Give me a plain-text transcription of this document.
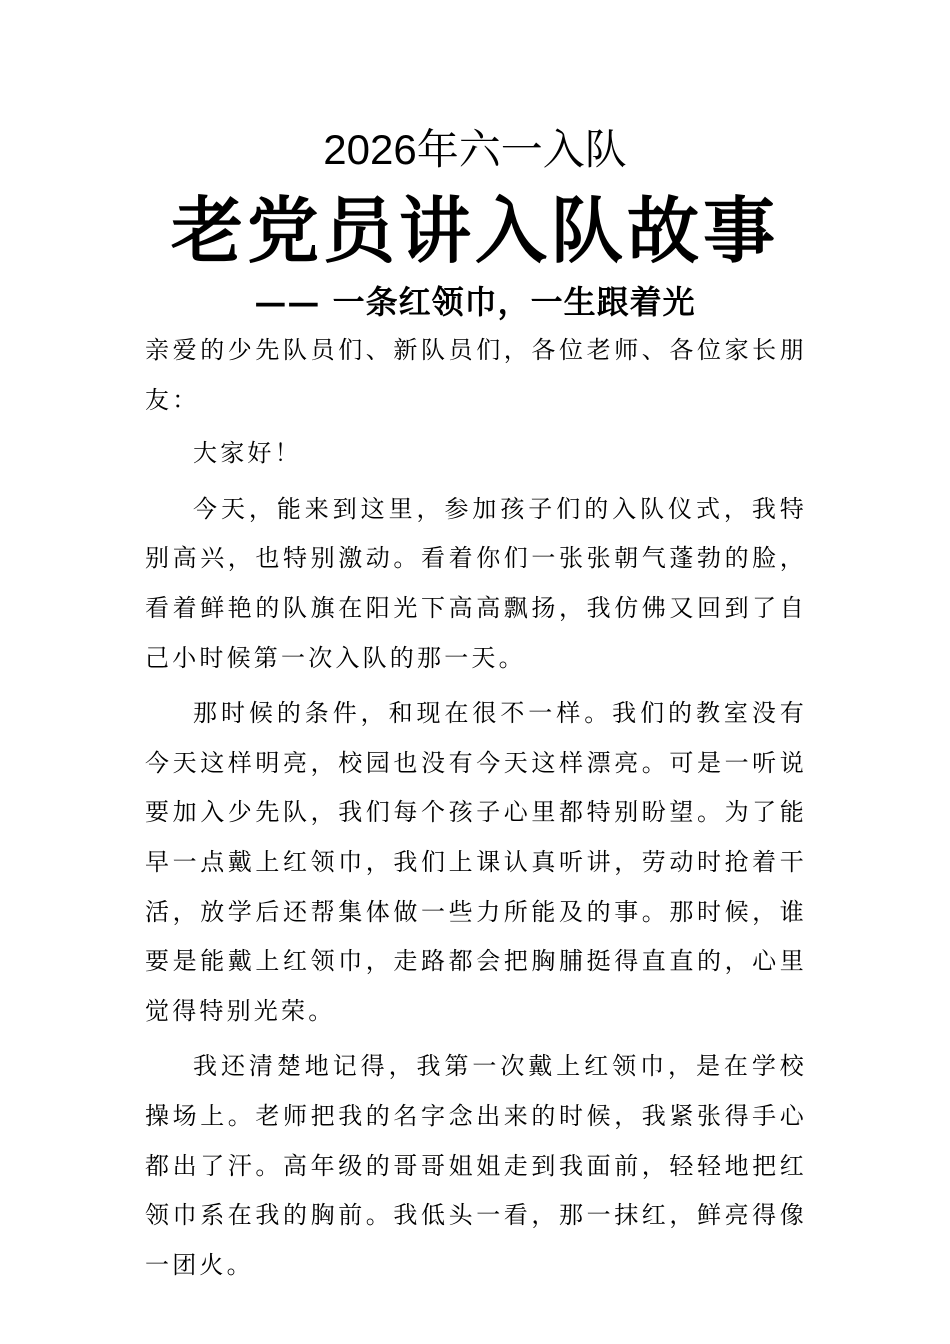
2026年六一入队
老党员讲入队故事
—— 一条红领巾，一生跟着光

亲爱的少先队员们、新队员们，各位老师、各位家长朋友：

大家好！

今天，能来到这里，参加孩子们的入队仪式，我特别高兴，也特别激动。看着你们一张张朝气蓬勃的脸，看着鲜艳的队旗在阳光下高高飘扬，我仿佛又回到了自己小时候第一次入队的那一天。

那时候的条件，和现在很不一样。我们的教室没有今天这样明亮，校园也没有今天这样漂亮。可是一听说要加入少先队，我们每个孩子心里都特别盼望。为了能早一点戴上红领巾，我们上课认真听讲，劳动时抢着干活，放学后还帮集体做一些力所能及的事。那时候，谁要是能戴上红领巾，走路都会把胸脯挺得直直的，心里觉得特别光荣。

我还清楚地记得，我第一次戴上红领巾，是在学校操场上。老师把我的名字念出来的时候，我紧张得手心都出了汗。高年级的哥哥姐姐走到我面前，轻轻地把红领巾系在我的胸前。我低头一看，那一抹红，鲜亮得像一团火。
